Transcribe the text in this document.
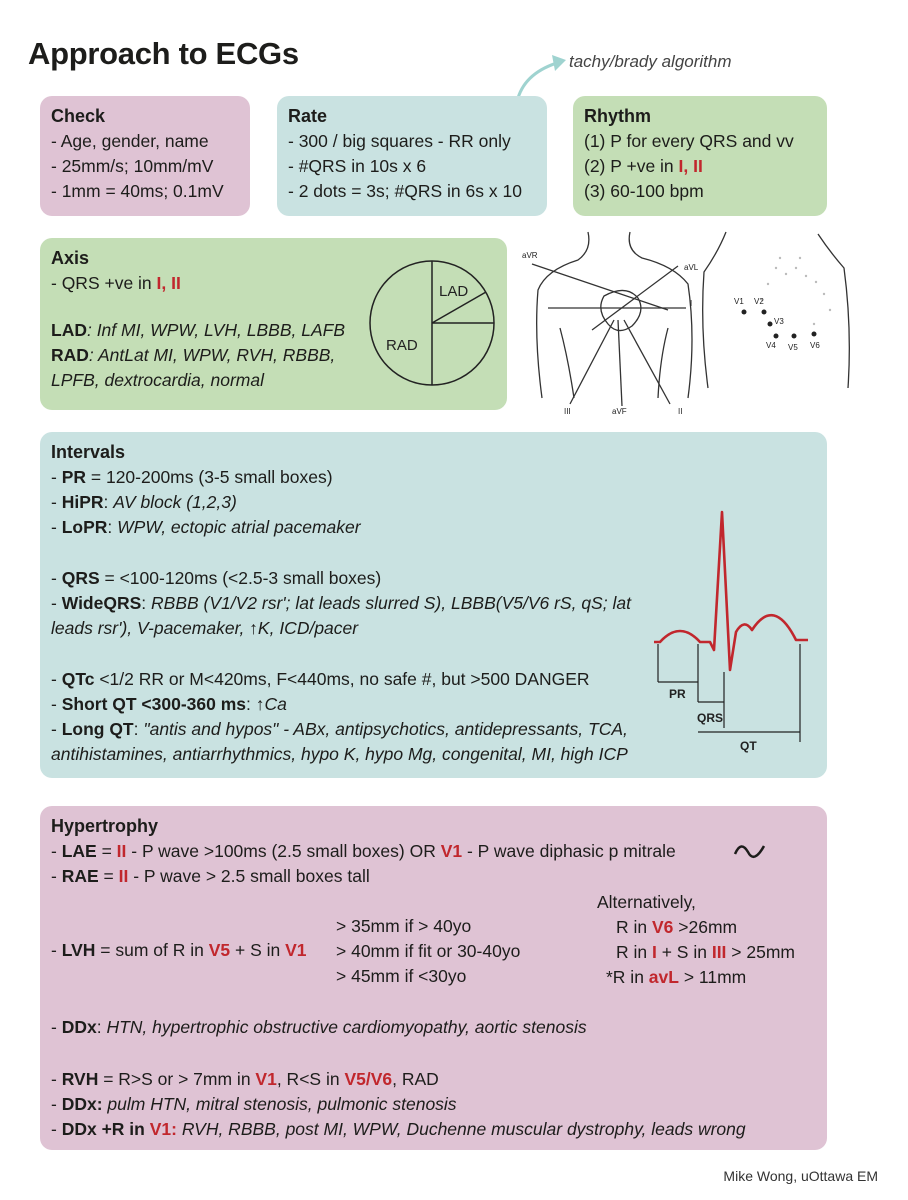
Approach to ECGs	tachy/brady algorithm
Check
- Age, gender, name
- 25mm/s; 10mm/mV
- 1mm = 40ms; 0.1mV
Rate
- 300 / big squares - RR only
- #QRS in 10s x 6
- 2 dots = 3s; #QRS in 6s x 10
Rhythm
(1) P for every QRS and vv
(2) P +ve in I, II
(3) 60-100 bpm
Axis
- QRS +ve in I, II
LAD: Inf MI, WPW, LVH, LBBB, LAFB
RAD: AntLat MI, WPW, RVH, RBBB,
LPFB, dextrocardia, normal
LAD
RAD
aVR
aVL
I
III	aVF	II
V1 V2
V3
V4 V5 V6
Intervals
- PR = 120-200ms (3-5 small boxes)
- HiPR: AV block (1,2,3)
- LoPR: WPW, ectopic atrial pacemaker
- QRS = <100-120ms (<2.5-3 small boxes)
- WideQRS: RBBB (V1/V2 rsr'; lat leads slurred S), LBBB(V5/V6 rS, qS; lat
leads rsr'), V-pacemaker, ↑K, ICD/pacer
- QTc <1/2 RR or M<420ms, F<440ms, no safe #, but >500 DANGER
- Short QT <300-360 ms: ↑Ca
- Long QT: "antis and hypos" - ABx, antipsychotics, antidepressants, TCA,
antihistamines, antiarrhythmics, hypo K, hypo Mg, congenital, MI, high ICP
PR
QRS
QT
Hypertrophy
- LAE = II - P wave >100ms (2.5 small boxes) OR V1 - P wave diphasic p mitrale
- RAE = II - P wave > 2.5 small boxes tall
- LVH = sum of R in V5 + S in V1
> 35mm if > 40yo
> 40mm if fit or 30-40yo
> 45mm if <30yo
Alternatively,
R in V6 >26mm
R in I + S in III > 25mm
*R in avL > 11mm
- DDx: HTN, hypertrophic obstructive cardiomyopathy, aortic stenosis
- RVH = R>S or > 7mm in V1, R<S in V5/V6, RAD
- DDx: pulm HTN, mitral stenosis, pulmonic stenosis
- DDx +R in V1: RVH, RBBB, post MI, WPW, Duchenne muscular dystrophy, leads wrong
Mike Wong, uOttawa EM
